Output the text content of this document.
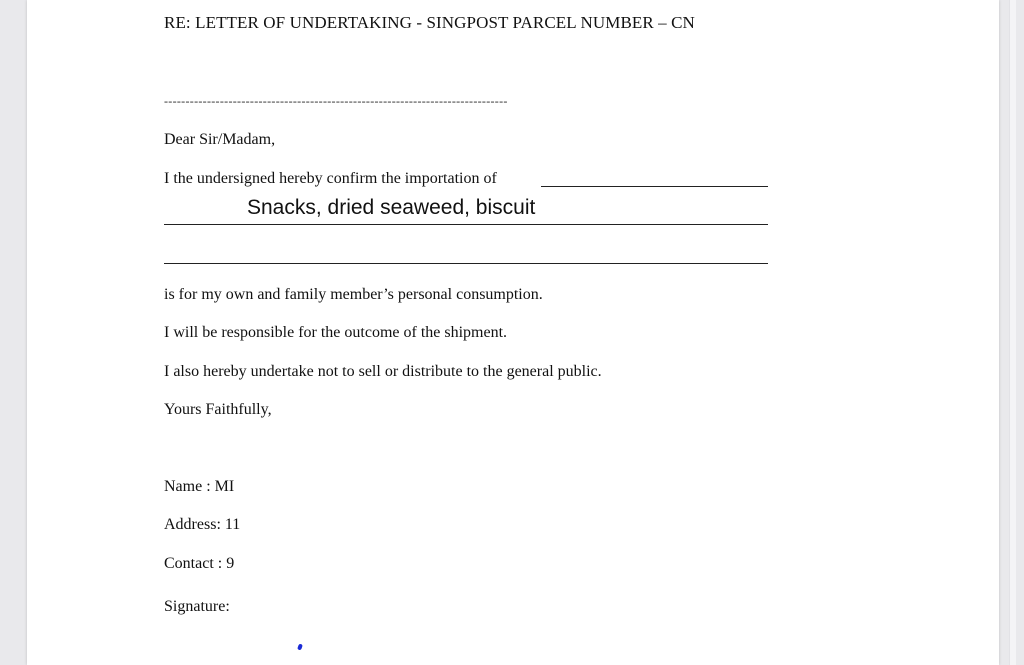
RE: LETTER OF UNDERTAKING - SINGPOST PARCEL NUMBER – CN
--------------------------------------------------------------------------------
Dear Sir/Madam,
I the undersigned hereby confirm the importation of
Snacks, dried seaweed, biscuit
is for my own and family member’s personal consumption.
I will be responsible for the outcome of the shipment.
I also hereby undertake not to sell or distribute to the general public.
Yours Faithfully,
Name : MI
Address: 11
Contact : 9
Signature:
